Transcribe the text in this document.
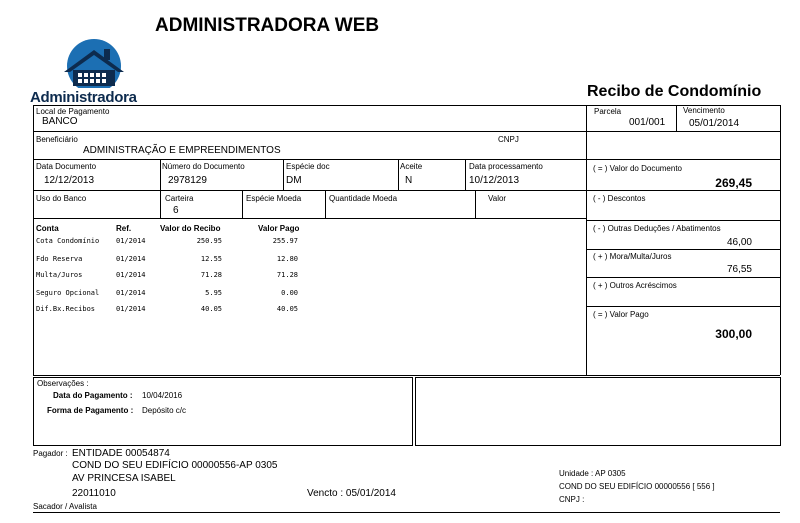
ADMINISTRADORA WEB
Administradora	Recibo de Condomínio
Local de Pagamento
BANCO
Parcela
001/001
Vencimento
05/01/2014
Beneficiário
ADMINISTRAÇÃO E EMPREENDIMENTOS
CNPJ
Data Documento
12/12/2013
Número do Documento
2978129
Espécie doc
DM
Aceite
N
Data processamento
10/12/2013
Uso do Banco	Carteira
6
Espécie Moeda	Quantidade Moeda	Valor
( = ) Valor do Documento
269,45
( - ) Descontos
( - ) Outras Deduções / Abatimentos
46,00
( + ) Mora/Multa/Juros
76,55
( + ) Outros Acréscimos
( = ) Valor Pago
300,00
Conta	Ref.	Valor do Recibo	Valor Pago
Cota Condomínio 01/2014	250.95	255.97
Fdo Reserva	01/2014	12.55	12.80
Multa/Juros	01/2014	71.28	71.28
Seguro Opcional 01/2014	5.95	0.00
Dif.Bx.Recibos	01/2014	40.05	40.05
Observações :
Data do Pagamento : 10/04/2016
Forma de Pagamento : Depósito c/c
Pagador : ENTIDADE 00054874
COND DO SEU EDIFÍCIO 00000556-AP 0305
AV PRINCESA ISABEL
22011010	Vencto : 05/01/2014
Unidade : AP 0305
COND DO SEU EDIFÍCIO 00000556 [ 556 ]
CNPJ :
Sacador / Avalista
